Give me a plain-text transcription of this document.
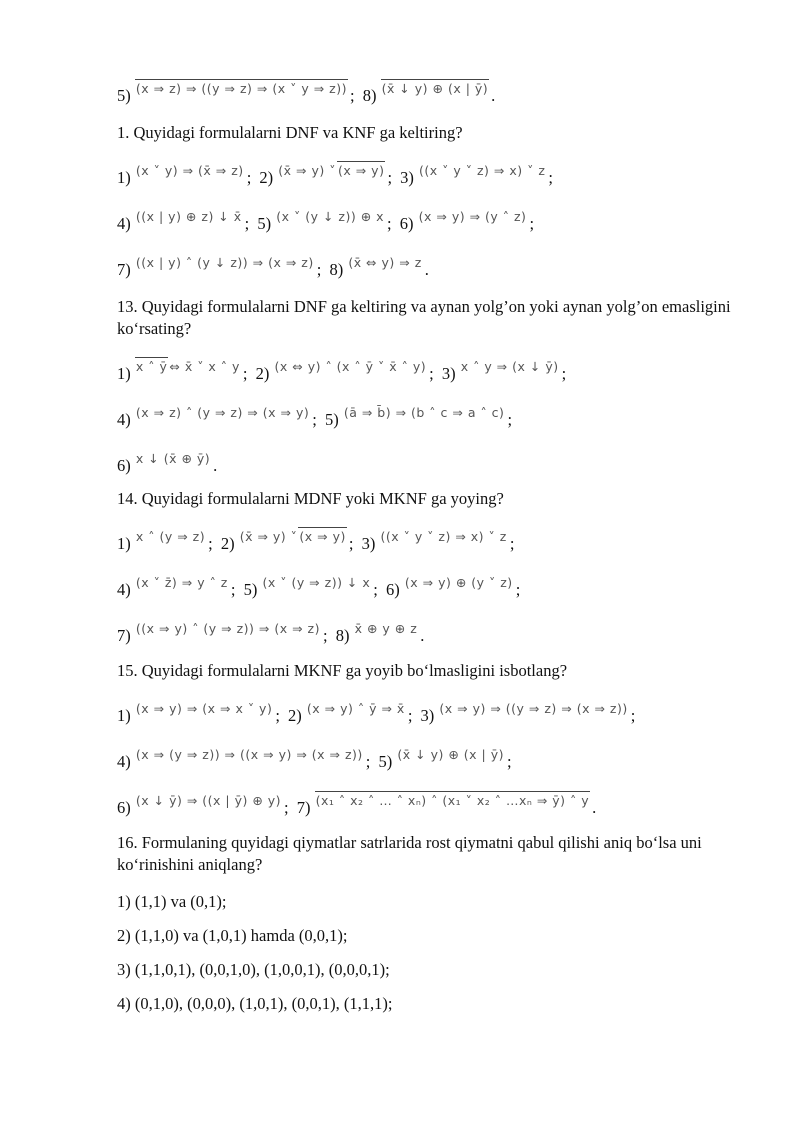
5) (x ⇒ z) ⇒ ((y ⇒ z) ⇒ (x ˅ y ⇒ z)) ; 8) (x̄ ↓ y) ⊕ (x | ȳ) .
1. Quyidagi formulalarni DNF va KNF ga keltiring?
1) (x ˅ y) ⇒ (x̄ ⇒ z) ; 2) (x̄ ⇒ y) ˅ (x ⇒ y) ; 3) ((x ˅ y ˅ z) ⇒ x) ˅ z ;
4) ((x | y) ⊕ z) ↓ x̄ ; 5) (x ˅ (y ↓ z)) ⊕ x ; 6) (x ⇒ y) ⇒ (y ˄ z) ;
7) ((x | y) ˄ (y ↓ z)) ⇒ (x ⇒ z) ; 8) (x̄ ⇔ y) ⇒ z .
13. Quyidagi formulalarni DNF ga keltiring va aynan yolg’on yoki aynan yolg’on emasligini ko‘rsating?
1) x ˄ ȳ ⇔ x̄ ˅ x ˄ y ; 2) (x ⇔ y) ˄ (x ˄ ȳ ˅ x̄ ˄ y) ; 3) x ˄ y ⇒ (x ↓ ȳ) ;
4) (x ⇒ z) ˄ (y ⇒ z) ⇒ (x ⇒ y) ; 5) (ā ⇒ b̄) ⇒ (b ˄ c ⇒ a ˄ c) ;
6) x ↓ (x̄ ⊕ ȳ) .
14. Quyidagi formulalarni MDNF yoki MKNF ga yoying?
1) x ˄ (y ⇒ z) ; 2) (x̄ ⇒ y) ˅ (x ⇒ y) ; 3) ((x ˅ y ˅ z) ⇒ x) ˅ z ;
4) (x ˅ z̄) ⇒ y ˄ z ; 5) (x ˅ (y ⇒ z)) ↓ x ; 6) (x ⇒ y) ⊕ (y ˅ z) ;
7) ((x ⇒ y) ˄ (y ⇒ z)) ⇒ (x ⇒ z) ; 8) x̄ ⊕ y ⊕ z .
15. Quyidagi formulalarni MKNF ga yoyib bo‘lmasligini isbotlang?
1) (x ⇒ y) ⇒ (x ⇒ x ˅ y) ; 2) (x ⇒ y) ˄ ȳ ⇒ x̄ ; 3) (x ⇒ y) ⇒ ((y ⇒ z) ⇒ (x ⇒ z)) ;
4) (x ⇒ (y ⇒ z)) ⇒ ((x ⇒ y) ⇒ (x ⇒ z)) ; 5) (x̄ ↓ y) ⊕ (x | ȳ) ;
6) (x ↓ ȳ) ⇒ ((x | ȳ) ⊕ y) ; 7) (x₁ ˄ x₂ ˄ … ˄ xₙ) ˄ (x₁ ˅ x₂ ˄ …xₙ ⇒ ȳ) ˄ y .
16. Formulaning quyidagi qiymatlar satrlarida rost qiymatni qabul qilishi aniq bo‘lsa uni ko‘rinishini aniqlang?
1) (1,1) va (0,1);
2) (1,1,0) va (1,0,1) hamda (0,0,1);
3) (1,1,0,1), (0,0,1,0), (1,0,0,1), (0,0,0,1);
4) (0,1,0), (0,0,0), (1,0,1), (0,0,1), (1,1,1);
